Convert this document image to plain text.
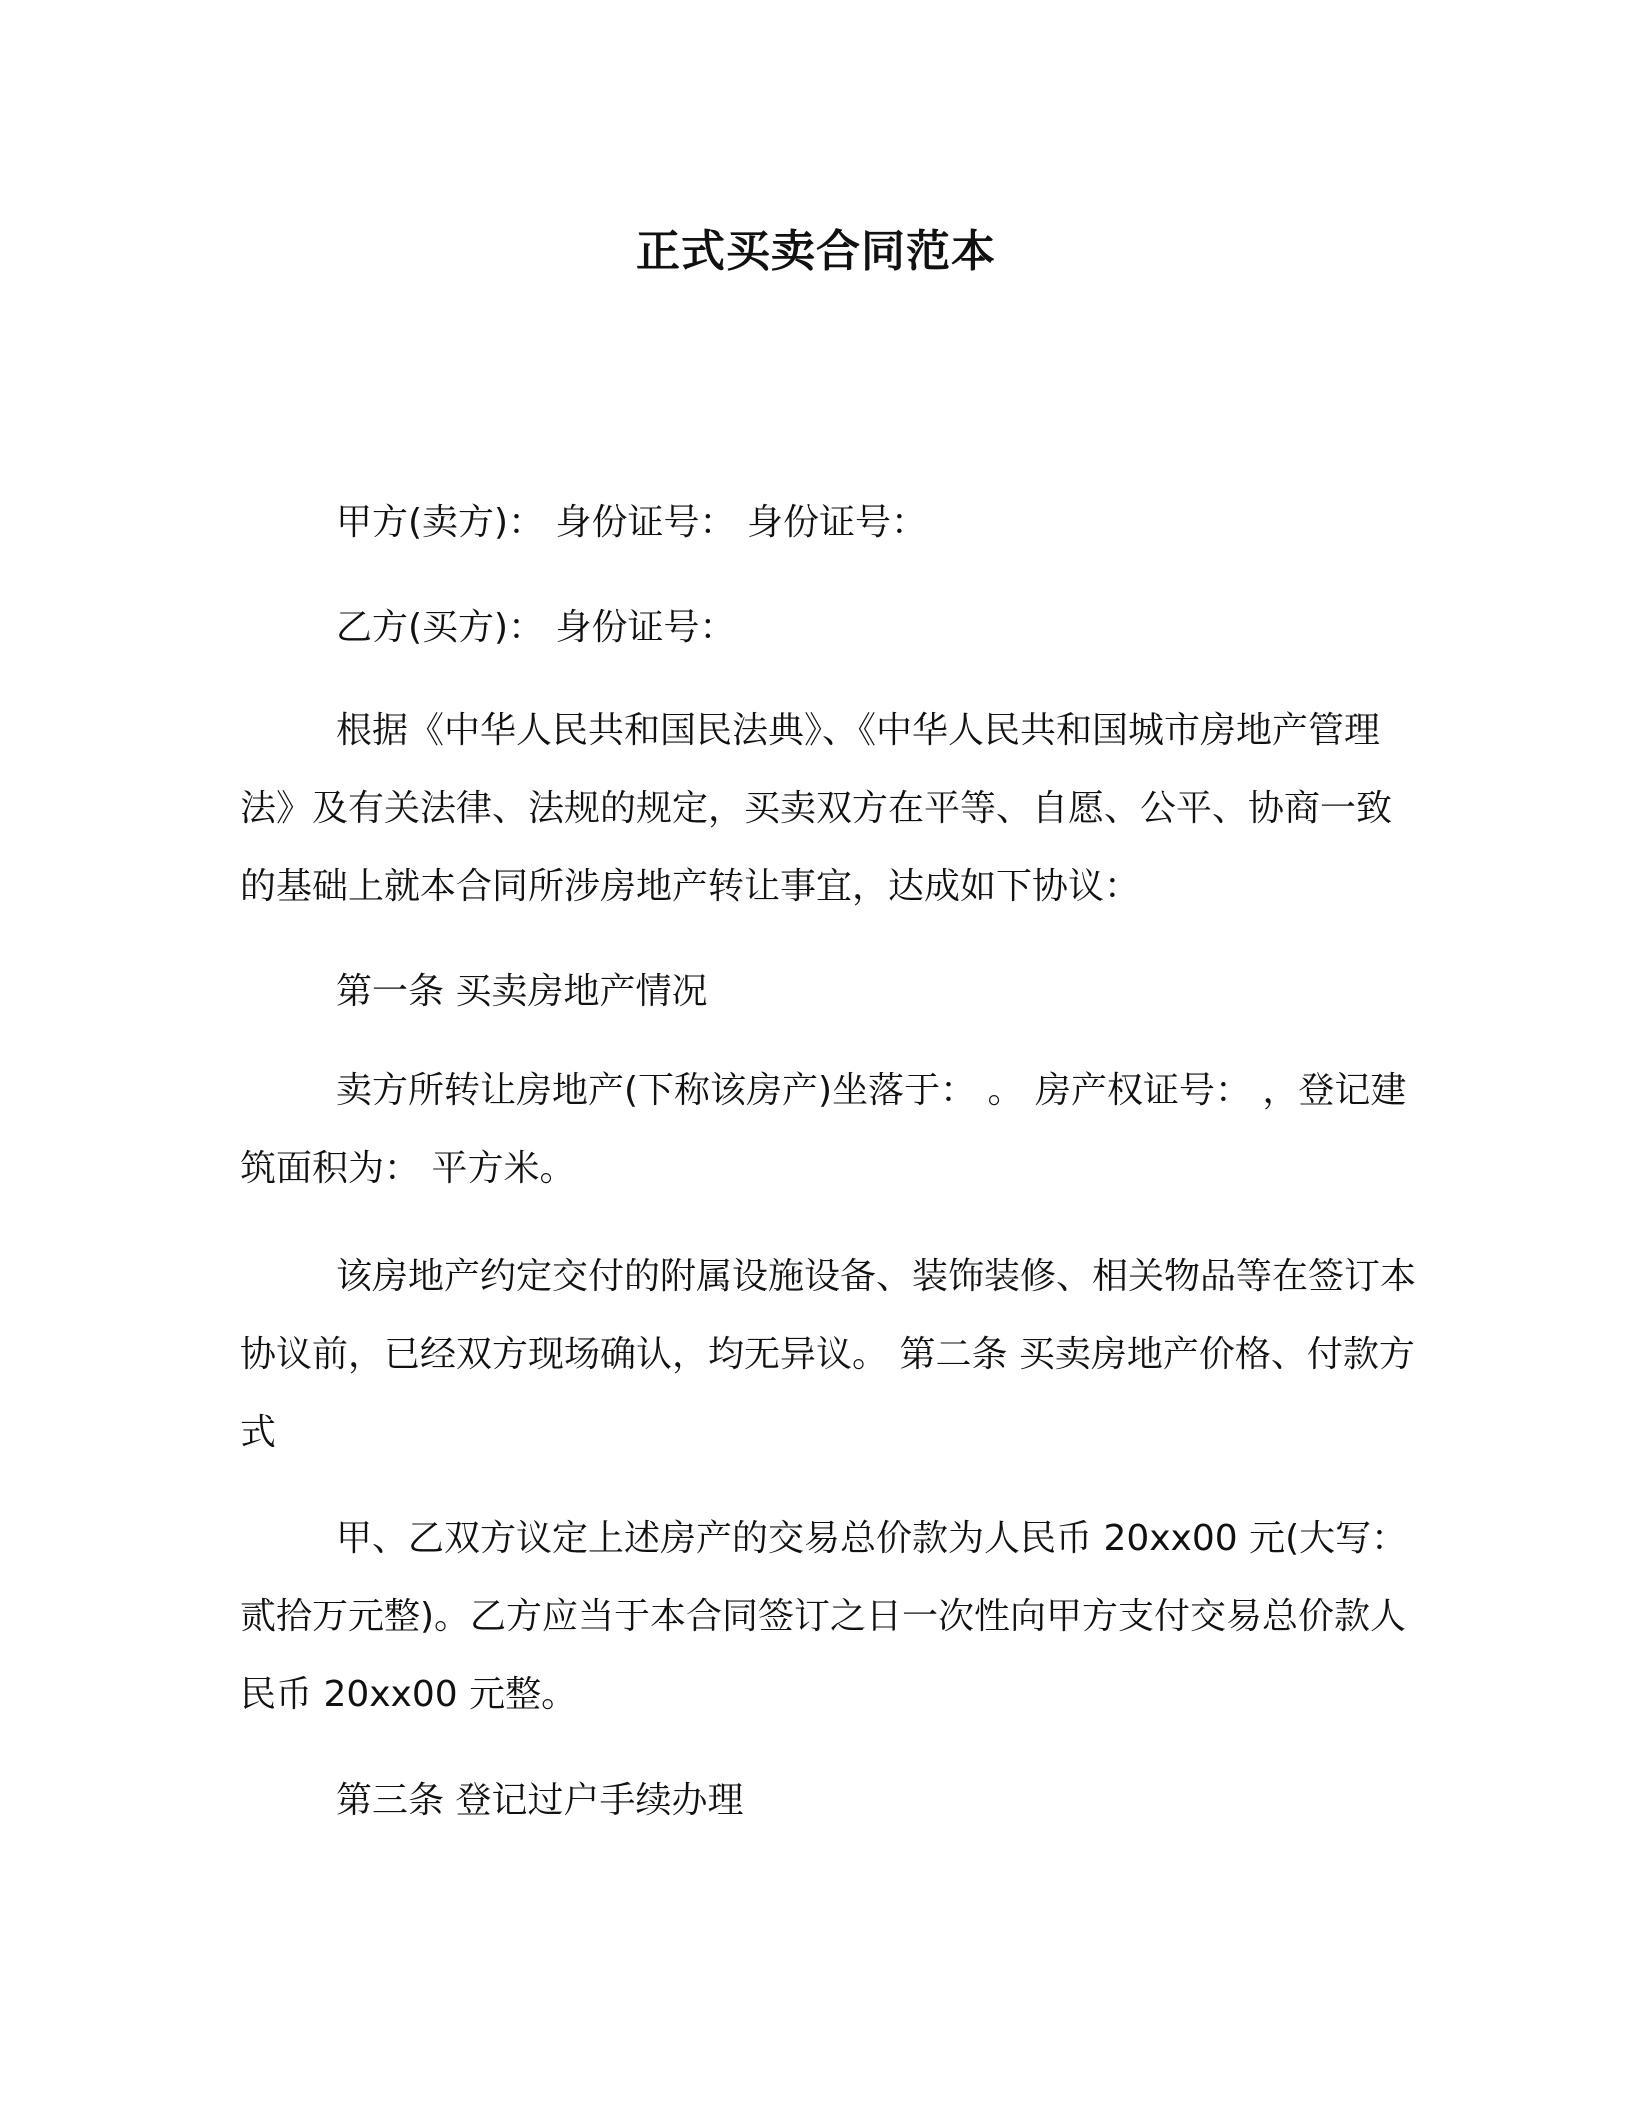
正式买卖合同范本

甲方(卖方)： 身份证号： 身份证号：

乙方(买方)： 身份证号：

根据《中华人民共和国民法典》、《中华人民共和国城市房地产管理法》及有关法律、法规的规定，买卖双方在平等、自愿、公平、协商一致的基础上就本合同所涉房地产转让事宜，达成如下协议：

第一条 买卖房地产情况

卖方所转让房地产(下称该房产)坐落于： 。 房产权证号： ，登记建筑面积为： 平方米。

该房地产约定交付的附属设施设备、装饰装修、相关物品等在签订本协议前，已经双方现场确认，均无异议。 第二条 买卖房地产价格、付款方式

甲、乙双方议定上述房产的交易总价款为人民币 20xx00 元(大写：贰拾万元整)。乙方应当于本合同签订之日一次性向甲方支付交易总价款人民币 20xx00 元整。

第三条 登记过户手续办理
